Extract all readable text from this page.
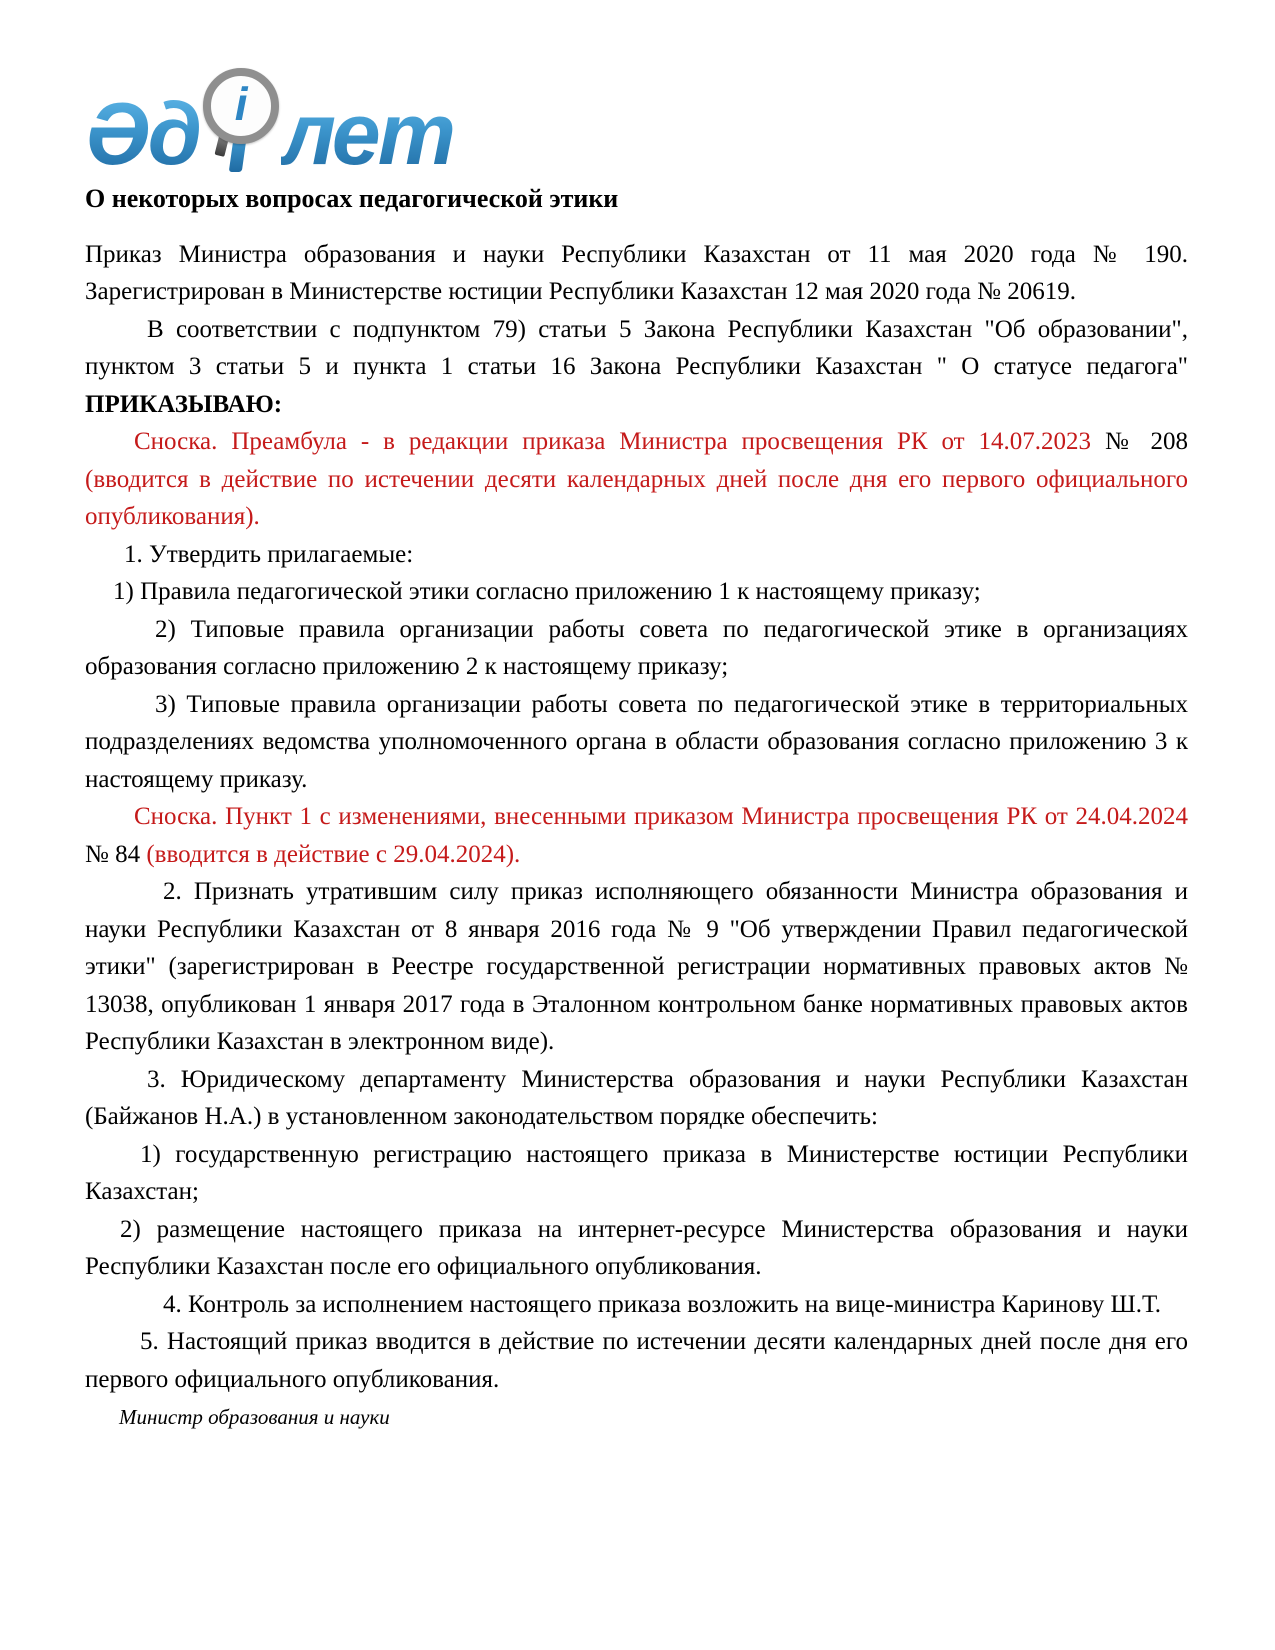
Әд і лет
О некоторых вопросах педагогической этики

Приказ Министра образования и науки Республики Казахстан от 11 мая 2020 года № 190. Зарегистрирован в Министерстве юстиции Республики Казахстан 12 мая 2020 года № 20619.

В соответствии с подпунктом 79) статьи 5 Закона Республики Казахстан "Об образовании", пунктом 3 статьи 5 и пункта 1 статьи 16 Закона Республики Казахстан " О статусе педагога" ПРИКАЗЫВАЮ:

Сноска. Преамбула - в редакции приказа Министра просвещения РК от 14.07.2023 № 208 (вводится в действие по истечении десяти календарных дней после дня его первого официального опубликования).

1. Утвердить прилагаемые:

1) Правила педагогической этики согласно приложению 1 к настоящему приказу;

2) Типовые правила организации работы совета по педагогической этике в организациях образования согласно приложению 2 к настоящему приказу;

3) Типовые правила организации работы совета по педагогической этике в территориальных подразделениях ведомства уполномоченного органа в области образования согласно приложению 3 к настоящему приказу.

Сноска. Пункт 1 с изменениями, внесенными приказом Министра просвещения РК от 24.04.2024 № 84 (вводится в действие с 29.04.2024).

2. Признать утратившим силу приказ исполняющего обязанности Министра образования и науки Республики Казахстан от 8 января 2016 года № 9 "Об утверждении Правил педагогической этики" (зарегистрирован в Реестре государственной регистрации нормативных правовых актов № 13038, опубликован 1 января 2017 года в Эталонном контрольном банке нормативных правовых актов Республики Казахстан в электронном виде).

3. Юридическому департаменту Министерства образования и науки Республики Казахстан (Байжанов Н.А.) в установленном законодательством порядке обеспечить:

1) государственную регистрацию настоящего приказа в Министерстве юстиции Республики Казахстан;

2) размещение настоящего приказа на интернет-ресурсе Министерства образования и науки Республики Казахстан после его официального опубликования.

4. Контроль за исполнением настоящего приказа возложить на вице-министра Каринову Ш.Т.

5. Настоящий приказ вводится в действие по истечении десяти календарных дней после дня его первого официального опубликования.

Министр образования и науки
